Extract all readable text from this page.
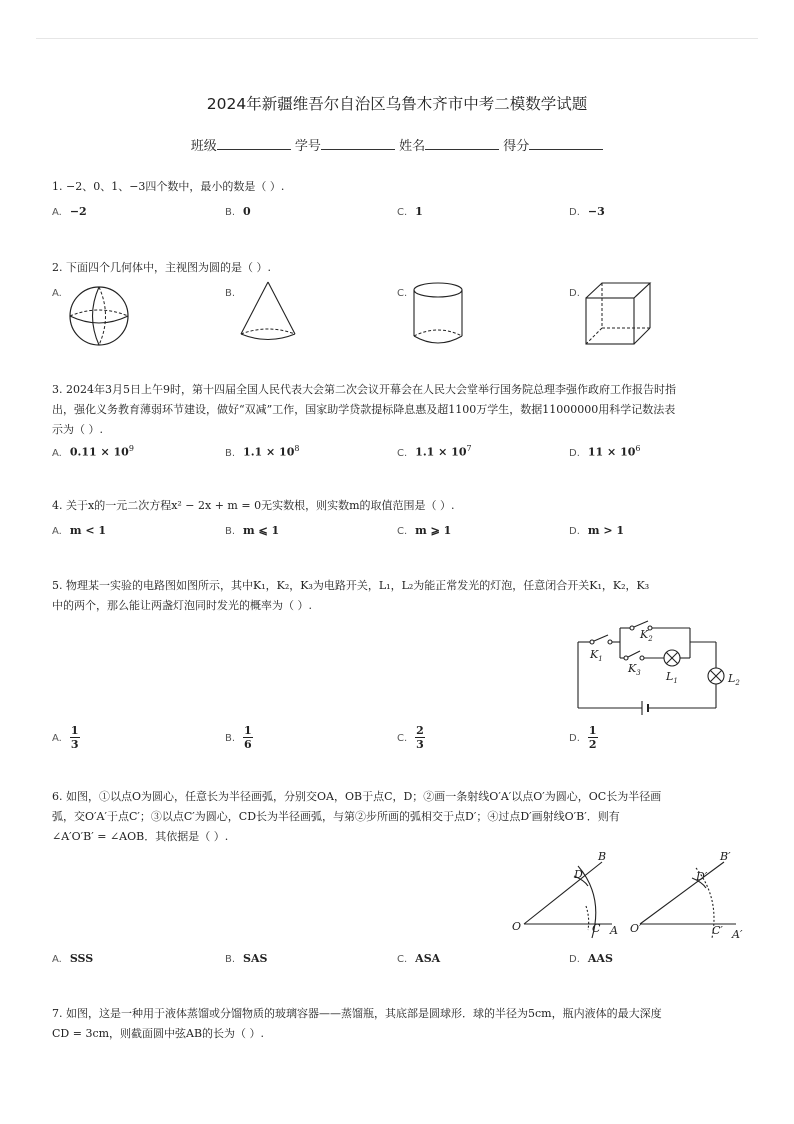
2024年新疆维吾尔自治区乌鲁木齐市中考二模数学试题
班级	学号	姓名	得分
1. −2、0、1、−3四个数中，最小的数是（ ）.
A. −2	B. 0	C. 1	D. −3
2. 下面四个几何体中，主视图为圆的是（ ）.
A.	B.	C.	D.
3. 2024年3月5日上午9时，第十四届全国人民代表大会第二次会议开幕会在人民大会堂举行国务院总理李强作政府工作报告时指
出，强化义务教育薄弱环节建设，做好“双减”工作，国家助学贷款提标降息惠及超1100万学生，数据11000000用科学记数法表
示为（ ）.
A. $0.11 \times 10^9$	B. $1.1 \times 10^8$	C. $1.1 \times 10^7$	D. $11 \times 10^6$
4. 关于x的一元二次方程x² − 2x + m = 0无实数根，则实数m的取值范围是（ ）.
A. m < 1	B. m ⩽ 1	C. m ⩾ 1	D. m > 1
5. 物理某一实验的电路图如图所示，其中K₁，K₂，K₃为电路开关，L₁，L₂为能正常发光的灯泡，任意闭合开关K₁，K₂，K₃
中的两个，那么能让两盏灯泡同时发光的概率为（ ）.
$K_1$
$K_2$
$K_3$ $L_1$	$L_2$
A. $\frac{1}{3}$	B. $\frac{1}{6}$	C. $\frac{2}{3}$	D. $\frac{1}{2}$
6. 如图，①以点O为圆心，任意长为半径画弧，分别交OA，OB于点C，D；②画一条射线O′A′以点O′为圆心，OC长为半径画
弧，交O′A′于点C′；③以点C′为圆心，CD长为半径画弧，与第②步所画的弧相交于点D′；④过点D′画射线O′B′．则有
∠A′O′B′ = ∠AOB．其依据是（ ）.
O	A
B
C
D
O′	A′
B′
C′
D′
A. SSS	B. SAS	C. ASA	D. AAS
7. 如图，这是一种用于液体蒸馏或分馏物质的玻璃容器——蒸馏瓶，其底部是圆球形．球的半径为5cm，瓶内液体的最大深度
CD = 3cm，则截面圆中弦AB的长为（ ）.
